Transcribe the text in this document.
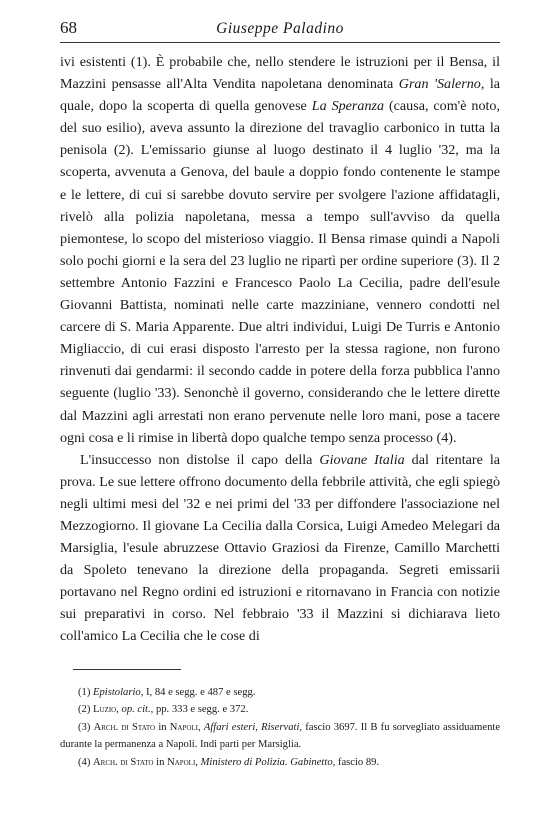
68	Giuseppe Paladino

ivi esistenti (1). È probabile che, nello stendere le istruzioni per il Bensa, il Mazzini pensasse all'Alta Vendita napoletana denominata Gran 'Salerno, la quale, dopo la scoperta di quella genovese La Speranza (causa, com'è noto, del suo esilio), aveva assunto la direzione del travaglio carbonico in tutta la penisola (2). L'emissario giunse al luogo destinato il 4 luglio '32, ma la scoperta, avvenuta a Genova, del baule a doppio fondo contenente le stampe e le lettere, di cui si sarebbe dovuto servire per svolgere l'azione affidatagli, rivelò alla polizia napoletana, messa a tempo sull'avviso da quella piemontese, lo scopo del misterioso viaggio. Il Bensa rimase quindi a Napoli solo pochi giorni e la sera del 23 luglio ne ripartì per ordine superiore (3). Il 2 settembre Antonio Fazzini e Francesco Paolo La Cecilia, padre dell'esule Giovanni Battista, nominati nelle carte mazziniane, vennero condotti nel carcere di S. Maria Apparente. Due altri individui, Luigi De Turris e Antonio Migliaccio, di cui erasi disposto l'arresto per la stessa ragione, non furono rinvenuti dai gendarmi: il secondo cadde in potere della forza pubblica l'anno seguente (luglio '33). Senonchè il governo, considerando che le lettere dirette dal Mazzini agli arrestati non erano pervenute nelle loro mani, pose a tacere ogni cosa e li rimise in libertà dopo qualche tempo senza processo (4).

L'insuccesso non distolse il capo della Giovane Italia dal ritentare la prova. Le sue lettere offrono documento della febbrile attività, che egli spiegò negli ultimi mesi del '32 e nei primi del '33 per diffondere l'associazione nel Mezzogiorno. Il giovane La Cecilia dalla Corsica, Luigi Amedeo Melegari da Marsiglia, l'esule abruzzese Ottavio Graziosi da Firenze, Camillo Marchetti da Spoleto tenevano la direzione della propaganda. Segreti emissarii portavano nel Regno ordini ed istruzioni e ritornavano in Francia con notizie sui preparativi in corso. Nel febbraio '33 il Mazzini si dichiarava lieto coll'amico La Cecilia che le cose di

(1) Epistolario, I, 84 e segg. e 487 e segg.

(2) Luzio, op. cit., pp. 333 e segg. e 372.

(3) Arch. di Stato in Napoli, Affari esteri, Riservati, fascio 3697. Il B fu sorvegliato assiduamente durante la permanenza a Napoli. Indi partì per Marsiglia.

(4) Arch. di Stato in Napoli, Ministero di Polizia. Gabinetto, fascio 89.
